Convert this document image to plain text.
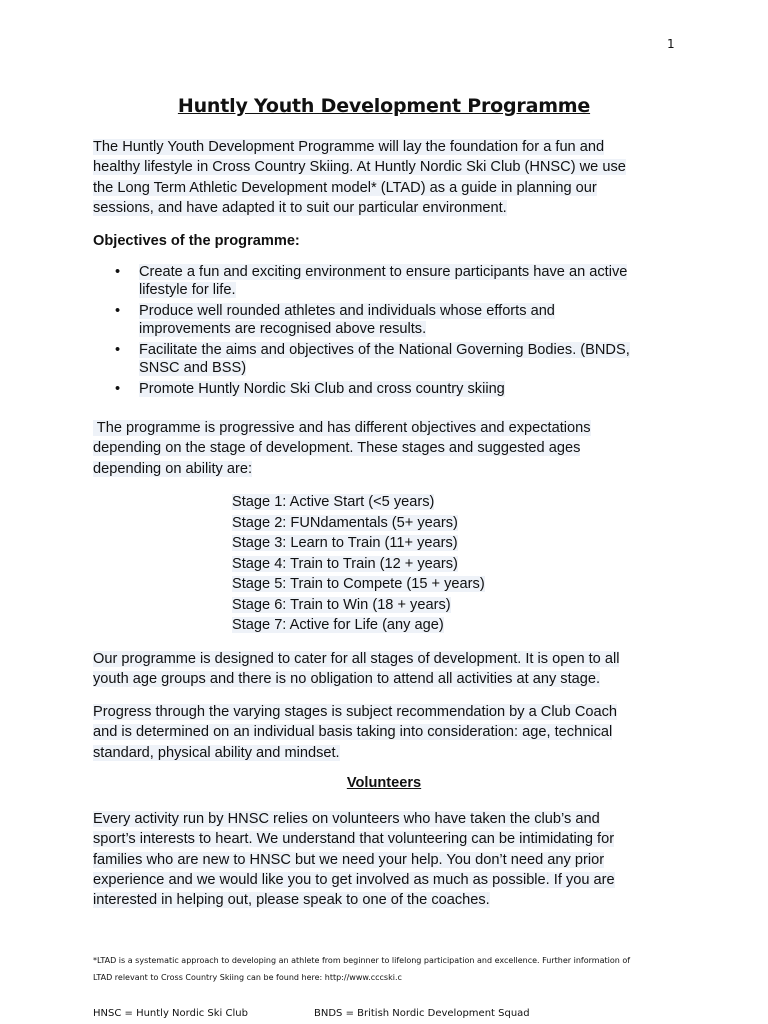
1
Huntly Youth Development Programme
The Huntly Youth Development Programme will lay the foundation for a fun and
healthy lifestyle in Cross Country Skiing. At Huntly Nordic Ski Club (HNSC) we use
the Long Term Athletic Development model* (LTAD) as a guide in planning our
sessions, and have adapted it to suit our particular environment.
Objectives of the programme:
• Create a fun and exciting environment to ensure participants have an active
lifestyle for life.
• Produce well rounded athletes and individuals whose efforts and
improvements are recognised above results.
• Facilitate the aims and objectives of the National Governing Bodies. (BNDS,
SNSC and BSS)
• Promote Huntly Nordic Ski Club and cross country skiing
The programme is progressive and has different objectives and expectations
depending on the stage of development. These stages and suggested ages
depending on ability are:
Stage 1: Active Start (<5 years)
Stage 2: FUNdamentals (5+ years)
Stage 3: Learn to Train (11+ years)
Stage 4: Train to Train (12 + years)
Stage 5: Train to Compete (15 + years)
Stage 6: Train to Win (18 + years)
Stage 7: Active for Life (any age)
Our programme is designed to cater for all stages of development. It is open to all
youth age groups and there is no obligation to attend all activities at any stage.
Progress through the varying stages is subject recommendation by a Club Coach
and is determined on an individual basis taking into consideration: age, technical
standard, physical ability and mindset.
Volunteers
Every activity run by HNSC relies on volunteers who have taken the club’s and
sport’s interests to heart. We understand that volunteering can be intimidating for
families who are new to HNSC but we need your help. You don’t need any prior
experience and we would like you to get involved as much as possible. If you are
interested in helping out, please speak to one of the coaches.
*LTAD is a systematic approach to developing an athlete from beginner to lifelong participation and excellence. Further information of
LTAD relevant to Cross Country Skiing can be found here: http://www.cccski.c
HNSC = Huntly Nordic Ski Club	BNDS = British Nordic Development Squad
